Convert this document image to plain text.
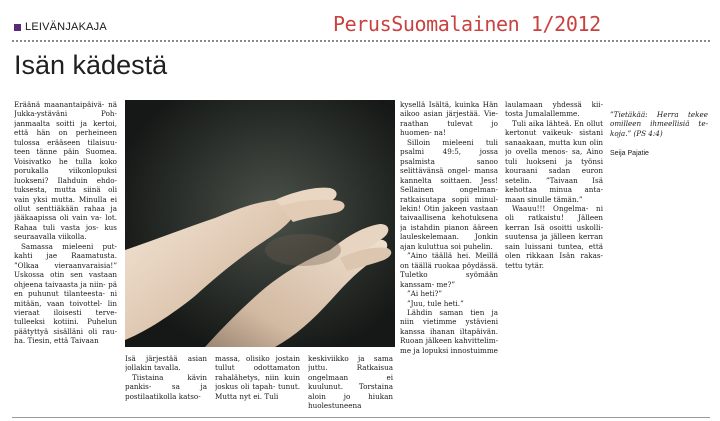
LEIVÄNJAKAJA	PerusSuomalainen 1/2012
Isän kädestä

Eräänä maanantaipäivä- nä Jukka-ystäväni Poh- janmaalta soitti ja kertoi, että hän on perheineen tulossa erääseen tilaisuu- teen tänne päin Suomea. Voisivatko he tulla koko porukalla viikonlopuksi luokseni? Ilahduin ehdo- tuksesta, mutta siinä oli vain yksi mutta. Minulla ei ollut senttiäkään rahaa ja jääkaapissa oli vain va- lot. Rahaa tuli vasta jos- kus seuraavalla viikolla.

Samassa mieleeni put- kahti jae Raamatusta. ”Olkaa vieraanvaraisia!” Uskossa otin sen vastaan ohjeena taivaasta ja niin- pä en puhunut tilanteesta- ni mitään, vaan toivottel- lin vieraat iloisesti terve- tulleeksi kotiini. Puhelun päätyttyä sisälläni oli rau- ha. Tiesin, että Taivaan

Isä järjestää asian jollakin tavalla.

Tiistaina kävin pankis- sa ja postilaatikolla katso-

massa, olisiko jostain tullut odottamaton rahalähetys, niin kuin joskus oli tapah- tunut. Mutta nyt ei. Tuli

keskiviikko ja sama juttu. Ratkaisua ongelmaan ei kuulunut. Torstaina aloin jo hiukan huolestuneena

kysellä Isältä, kuinka Hän aikoo asian järjestää. Vie- raathan tulevat jo huomen- na!

Silloin mieleeni tuli psalmi 49:5, jossa psalmista sanoo selittävänsä ongel- mansa kannelta soittaen. Jess! Sellainen ongelman- ratkaisutapa sopii minul- lekin! Otin jakeen vastaan taivaallisena kehotuksena ja istahdin pianon ääreen lauleskelemaan. Jonkin ajan kuluttua soi puhelin.

”Aino täällä hei. Meillä on täällä ruokaa pöydässä. Tuletko syömään kanssam- me?”

”Ai heti?”

”Juu, tule heti.”

Lähdin saman tien ja niin vietimme ystävieni kanssa ihanan iltapäivän. Ruoan jälkeen kahvittelim- me ja lopuksi innostuimme

laulamaan yhdessä kii- tosta Jumalallemme.

Tuli aika lähteä. En ollut kertonut vaikeuk- sistani sanaakaan, mutta kun olin jo ovella menos- sa, Aino tuli luokseni ja työnsi kouraani sadan euron setelin. ”Taivaan Isä kehottaa minua anta- maan sinulle tämän.”

Waauu!!! Ongelma- ni oli ratkaistu! Jälleen kerran Isä osoitti uskolli- suutensa ja jälleen kerran sain luissani tuntea, että olen rikkaan Isän rakas- tettu tytär.

”Tietäkää: Herra tekee omilleen ihmeellisiä te- koja.” (PS 4:4)

Seija Pajatie
